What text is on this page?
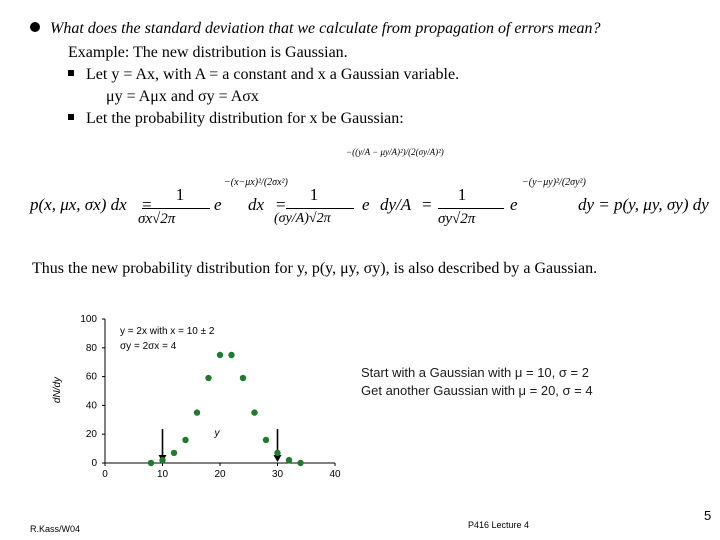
What does the standard deviation that we calculate from propagation of errors mean?
Example: The new distribution is Gaussian.
Let y = Ax, with A = a constant and x a Gaussian variable.
μy = Aμx and σy = Aσx
Let the probability distribution for x be Gaussian:
p(x, μx, σx) dx =
1
σx√2π
e
−(x−μx)²/(2σx²)
dx =
1
(σy/A)√2π
e
−((y/A − μy/A)²)/(2(σy/A)²)
dy/A =
1
σy√2π
e
−(y−μy)²/(2σy²)
dy = p(y, μy, σy) dy
Thus the new probability distribution for y, p(y, μy, σy), is also described by a Gaussian.
0
20
40
60
80
100
0	10	20	30	40
dN/dy
y
y = 2x with x = 10 ± 2
σy = 2σx = 4
Start with a Gaussian with μ = 10, σ = 2
Get another Gaussian with μ = 20, σ = 4
R.Kass/W04	P416 Lecture 4
5
